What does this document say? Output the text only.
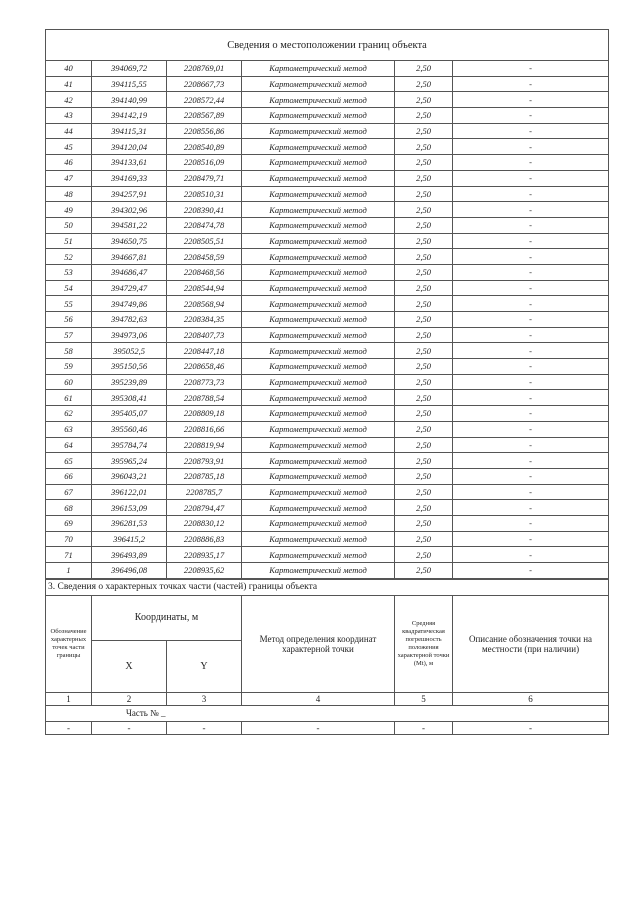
Сведения о местоположении границ объекта					
40	394069,72	2208769,01	Картометрический метод	2,50	-
41	394115,55	2208667,73	Картометрический метод	2,50	-
42	394140,99	2208572,44	Картометрический метод	2,50	-
43	394142,19	2208567,89	Картометрический метод	2,50	-
44	394115,31	2208556,86	Картометрический метод	2,50	-
45	394120,04	2208540,89	Картометрический метод	2,50	-
46	394133,61	2208516,09	Картометрический метод	2,50	-
47	394169,33	2208479,71	Картометрический метод	2,50	-
48	394257,91	2208510,31	Картометрический метод	2,50	-
49	394302,96	2208390,41	Картометрический метод	2,50	-
50	394581,22	2208474,78	Картометрический метод	2,50	-
51	394650,75	2208505,51	Картометрический метод	2,50	-
52	394667,81	2208458,59	Картометрический метод	2,50	-
53	394686,47	2208468,56	Картометрический метод	2,50	-
54	394729,47	2208544,94	Картометрический метод	2,50	-
55	394749,86	2208568,94	Картометрический метод	2,50	-
56	394782,63	2208384,35	Картометрический метод	2,50	-
57	394973,06	2208407,73	Картометрический метод	2,50	-
58	395052,5	2208447,18	Картометрический метод	2,50	-
59	395150,56	2208658,46	Картометрический метод	2,50	-
60	395239,89	2208773,73	Картометрический метод	2,50	-
61	395308,41	2208788,54	Картометрический метод	2,50	-
62	395405,07	2208809,18	Картометрический метод	2,50	-
63	395560,46	2208816,66	Картометрический метод	2,50	-
64	395784,74	2208819,94	Картометрический метод	2,50	-
65	395965,24	2208793,91	Картометрический метод	2,50	-
66	396043,21	2208785,18	Картометрический метод	2,50	-
67	396122,01	2208785,7	Картометрический метод	2,50	-
68	396153,09	2208794,47	Картометрический метод	2,50	-
69	396281,53	2208830,12	Картометрический метод	2,50	-
70	396415,2	2208886,83	Картометрический метод	2,50	-
71	396493,89	2208935,17	Картометрический метод	2,50	-
1	396496,08	2208935,62	Картометрический метод	2,50	-
3. Сведения о характерных точках части (частей) границы объекта					
Обозначение характерных точек части границы	Координаты, м		Метод определения координат характерной точки	Средняя квадратическая погрешность положения характерной точки (Mt), м	Описание обозначения точки на местности (при наличии)
	X	Y			
1	2	3	4	5	6
Часть № _					
-	-	-	-	-	-
